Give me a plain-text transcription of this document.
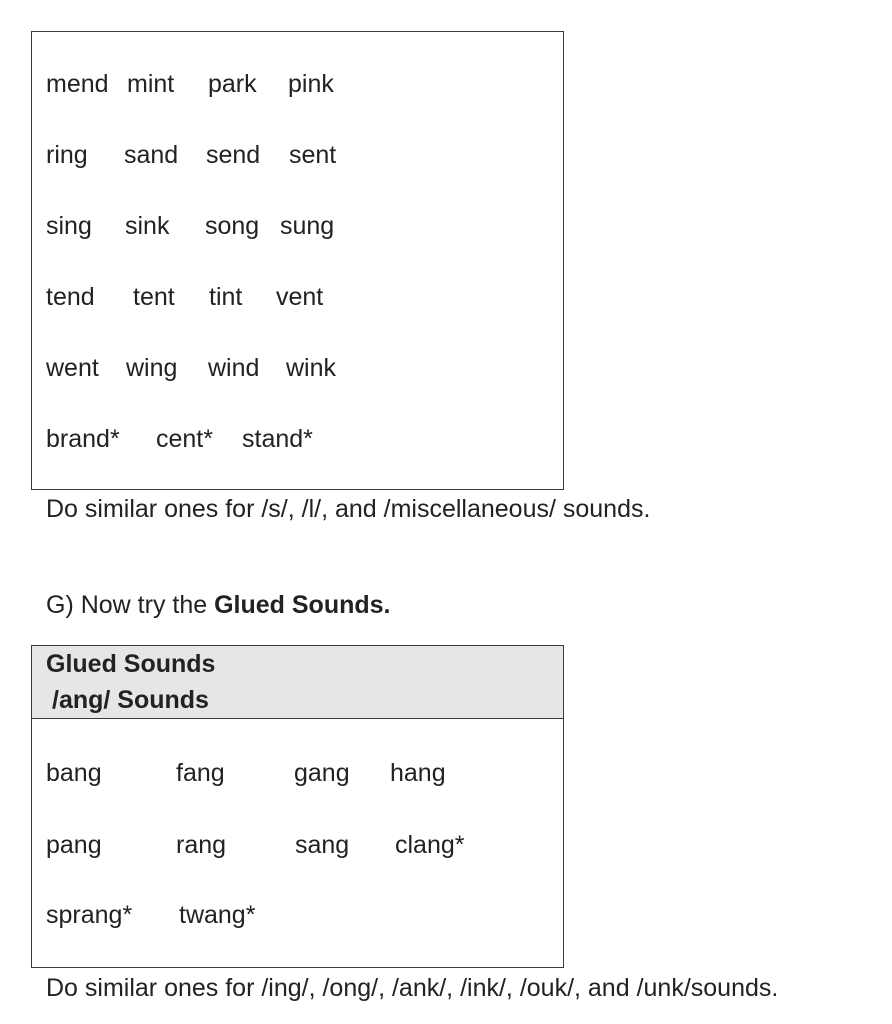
mend mint park pink
ring sand send sent
sing sink song sung
tend tent tint vent
went wing wind wink
brand* cent* stand*
Do similar ones for /s/, /l/, and /miscellaneous/ sounds.
G) Now try the Glued Sounds.
Glued Sounds
/ang/ Sounds
bang	fang	gang hang
pang	rang	sang clang*
sprang* twang*
Do similar ones for /ing/, /ong/, /ank/, /ink/, /ouk/, and /unk/sounds.
